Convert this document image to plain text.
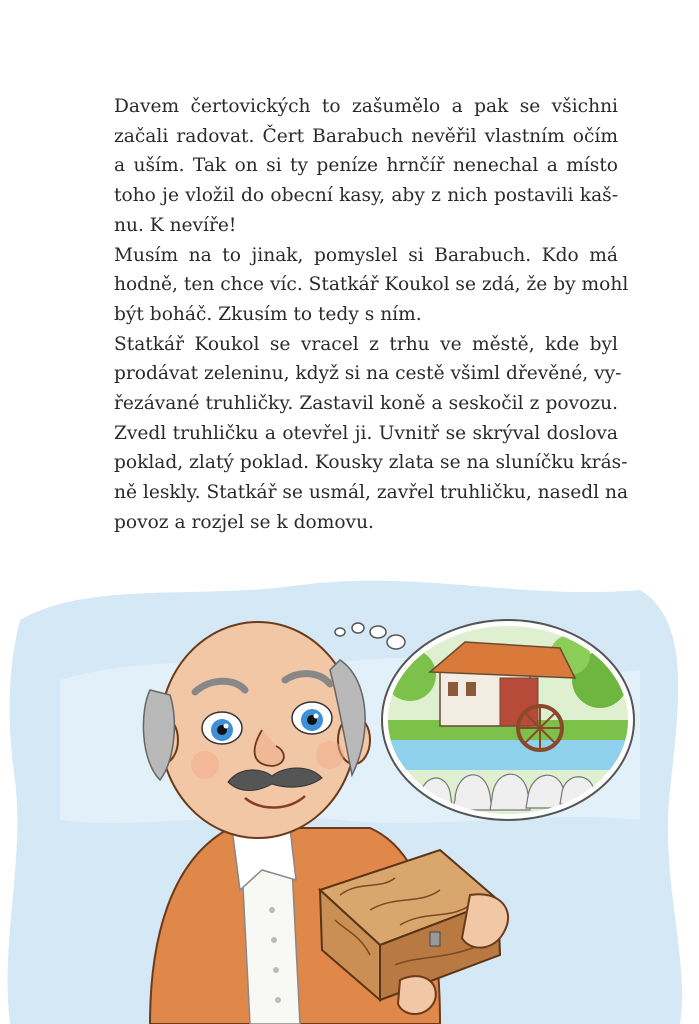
Davem čertovických to zašumělo a pak se všichni
začali radovat. Čert Barabuch nevěřil vlastním očím
a uším. Tak on si ty peníze hrnčíř nenechal a místo
toho je vložil do obecní kasy, aby z nich postavili kaš-
nu. K nevíře!

Musím na to jinak, pomyslel si Barabuch. Kdo má
hodně, ten chce víc. Statkář Koukol se zdá, že by mohl
být boháč. Zkusím to tedy s ním.

Statkář Koukol se vracel z trhu ve městě, kde byl
prodávat zeleninu, když si na cestě všiml dřevěné, vy-
řezávané truhličky. Zastavil koně a seskočil z povozu.
Zvedl truhličku a otevřel ji. Uvnitř se skrýval doslova
poklad, zlatý poklad. Kousky zlata se na sluníčku krás-
ně leskly. Statkář se usmál, zavřel truhličku, nasedl na
povoz a rozjel se k domovu.
